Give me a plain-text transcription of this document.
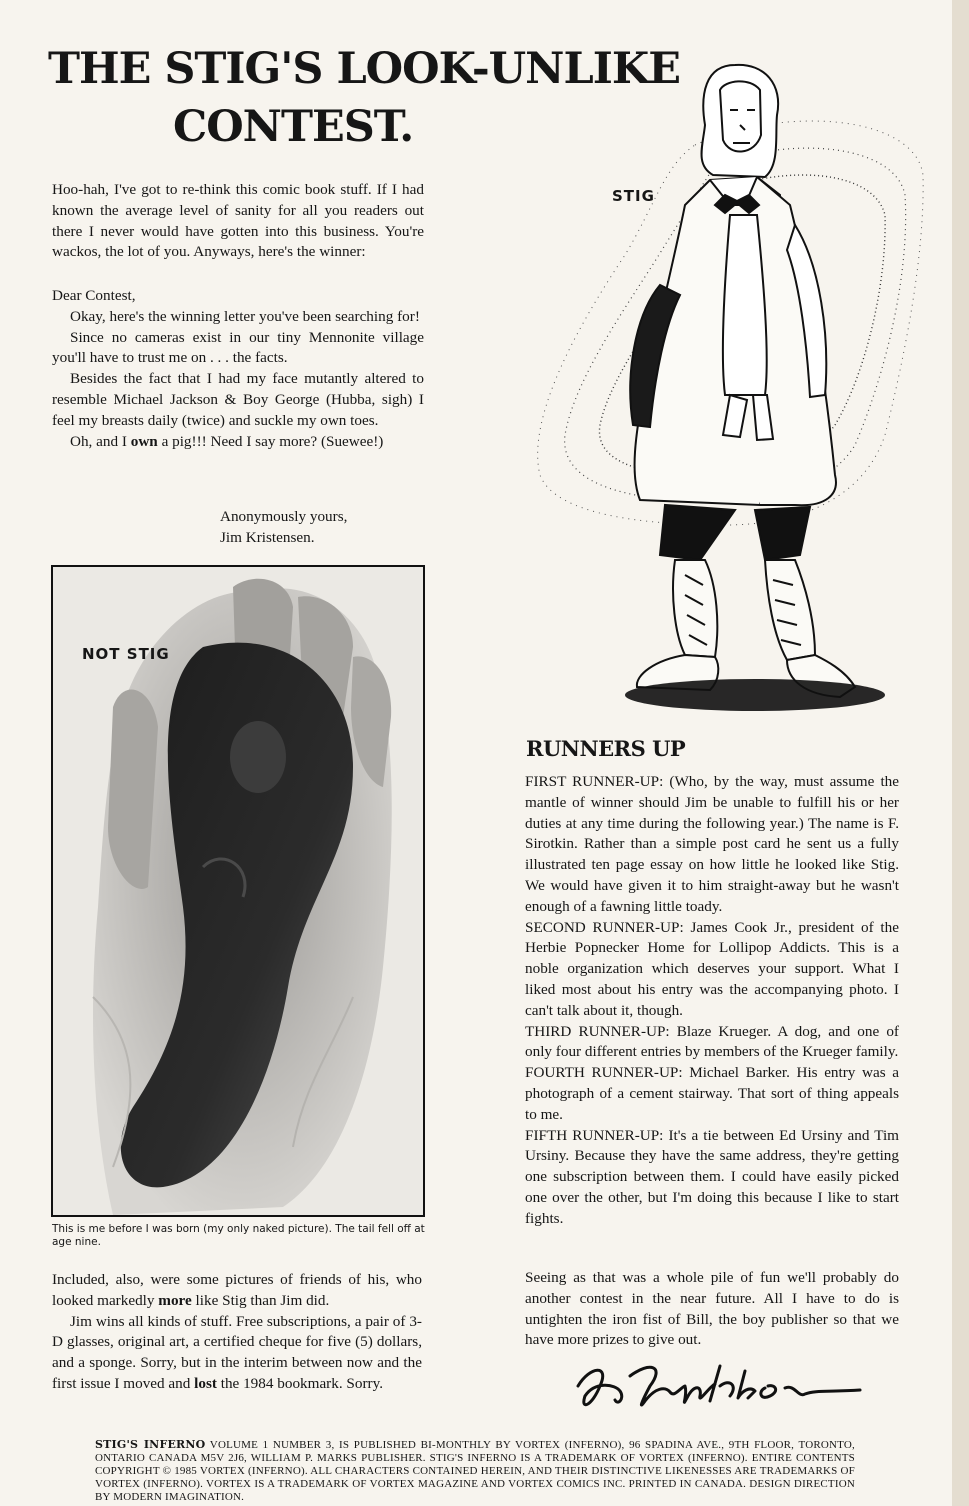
THE STIG'S LOOK-UNLIKE
CONTEST.

Hoo-hah, I've got to re-think this comic book stuff. If I had known the average level of sanity for all you readers out there I never would have gotten into this business. You're wackos, the lot of you. Anyways, here's the winner:

Dear Contest,

Okay, here's the winning letter you've been searching for!

Since no cameras exist in our tiny Mennonite village you'll have to trust me on . . . the facts.

Besides the fact that I had my face mutantly altered to resemble Michael Jackson & Boy George (Hubba, sigh) I feel my breasts daily (twice) and suckle my own toes.

Oh, and I own a pig!!! Need I say more? (Suewee!)

Anonymously yours,

Jim Kristensen.

NOT STIG
This is me before I was born (my only naked picture). The tail fell off at age nine.

Included, also, were some pictures of friends of his, who looked markedly more like Stig than Jim did.

Jim wins all kinds of stuff. Free subscriptions, a pair of 3-D glasses, original art, a certified cheque for five (5) dollars, and a sponge. Sorry, but in the interim between now and the first issue I moved and lost the 1984 bookmark. Sorry.

STIG
RUNNERS UP

FIRST RUNNER-UP: (Who, by the way, must assume the mantle of winner should Jim be unable to fulfill his or her duties at any time during the following year.) The name is F. Sirotkin. Rather than a simple post card he sent us a fully illustrated ten page essay on how little he looked like Stig. We would have given it to him straight-away but he wasn't enough of a fawning little toady.

SECOND RUNNER-UP: James Cook Jr., president of the Herbie Popnecker Home for Lollipop Addicts. This is a noble organization which deserves your support. What I liked most about his entry was the accompanying photo. I can't talk about it, though.

THIRD RUNNER-UP: Blaze Krueger. A dog, and one of only four different entries by members of the Krueger family.

FOURTH RUNNER-UP: Michael Barker. His entry was a photograph of a cement stairway. That sort of thing appeals to me.

FIFTH RUNNER-UP: It's a tie between Ed Ursiny and Tim Ursiny. Because they have the same address, they're getting one subscription between them. I could have easily picked one over the other, but I'm doing this because I like to start fights.

Seeing as that was a whole pile of fun we'll probably do another contest in the near future. All I have to do is untighten the iron fist of Bill, the boy publisher so that we have more prizes to give out.
STIG'S INFERNO VOLUME 1 NUMBER 3, IS PUBLISHED BI-MONTHLY BY VORTEX (INFERNO), 96 SPADINA AVE., 9TH FLOOR, TORONTO, ONTARIO CANADA M5V 2J6, WILLIAM P. MARKS PUBLISHER. STIG'S INFERNO IS A TRADEMARK OF VORTEX (INFERNO). ENTIRE CONTENTS COPYRIGHT © 1985 VORTEX (INFERNO). ALL CHARACTERS CONTAINED HEREIN, AND THEIR DISTINCTIVE LIKENESSES ARE TRADEMARKS OF VORTEX (INFERNO). VORTEX IS A TRADEMARK OF VORTEX MAGAZINE AND VORTEX COMICS INC. PRINTED IN CANADA. DESIGN DIRECTION BY MODERN IMAGINATION.
